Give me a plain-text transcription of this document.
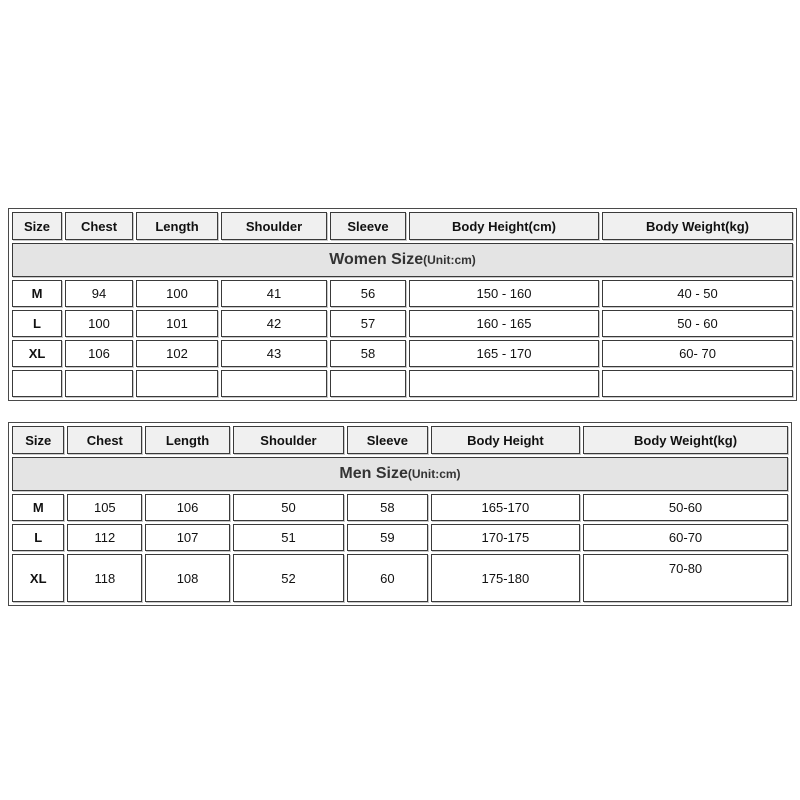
Size	Chest	Length	Shoulder	Sleeve	Body Height(cm)	Body Weight(kg)
Women Size(Unit:cm)						
M	94	100	41	56	150 - 160	40 - 50
L	100	101	42	57	160 - 165	50 - 60
XL	106	102	43	58	165 - 170	60- 70

Size	Chest	Length	Shoulder	Sleeve	Body Height	Body Weight(kg)
Men Size(Unit:cm)						
M	105	106	50	58	165-170	50-60
L	112	107	51	59	170-175	60-70
XL	118	108	52	60	175-180	70-80
